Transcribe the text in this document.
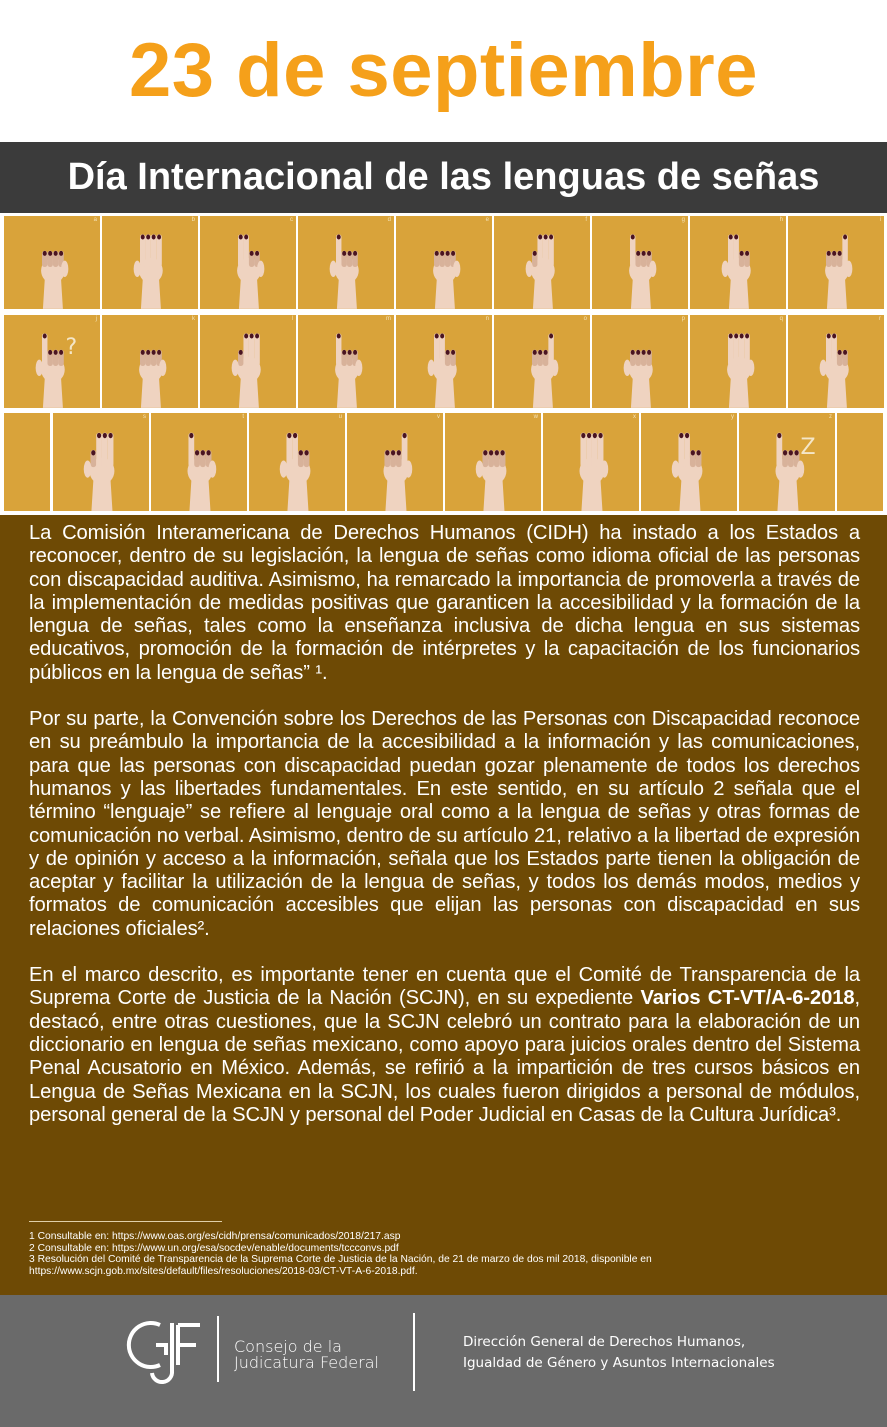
23 de septiembre
Día Internacional de las lenguas de señas
a	b	c	d	e	f	g	h	i
j
?
k	l	m	n	o	p	q	r
s	t	u	v	w	x	y	z
Z

La Comisión Interamericana de Derechos Humanos (CIDH) ha instado a los Estados a reconocer, dentro de su legislación, la lengua de señas como idioma oficial de las personas con discapacidad auditiva. Asimismo, ha remarcado la importancia de promoverla a través de la implementación de medidas positivas que garanticen la accesibilidad y la formación de la lengua de señas, tales como la enseñanza inclusiva de dicha lengua en sus sistemas educativos, promoción de la formación de intérpretes y la capacitación de los funcionarios públicos en la lengua de señas” ¹.

Por su parte, la Convención sobre los Derechos de las Personas con Discapacidad reconoce en su preámbulo la importancia de la accesibilidad a la información y las comunicaciones, para que las personas con discapacidad puedan gozar plenamente de todos los derechos humanos y las libertades fundamentales. En este sentido, en su artículo 2 señala que el término “lenguaje” se refiere al lenguaje oral como a la lengua de señas y otras formas de comunicación no verbal. Asimismo, dentro de su artículo 21, relativo a la libertad de expresión y de opinión y acceso a la información, señala que los Estados parte tienen la obligación de aceptar y facilitar la utilización de la lengua de señas, y todos los demás modos, medios y formatos de comunicación accesibles que elijan las personas con discapacidad en sus relaciones oficiales².

En el marco descrito, es importante tener en cuenta que el Comité de Transparencia de la Suprema Corte de Justicia de la Nación (SCJN), en su expediente Varios CT-VT/A-6-2018, destacó, entre otras cuestiones, que la SCJN celebró un contrato para la elaboración de un diccionario en lengua de señas mexicano, como apoyo para juicios orales dentro del Sistema Penal Acusatorio en México. Además, se refirió a la impartición de tres cursos básicos en Lengua de Señas Mexicana en la SCJN, los cuales fueron dirigidos a personal de módulos, personal general de la SCJN y personal del Poder Judicial en Casas de la Cultura Jurídica³.

1 Consultable en: https://www.oas.org/es/cidh/prensa/comunicados/2018/217.asp
2 Consultable en: https://www.un.org/esa/socdev/enable/documents/tccconvs.pdf
3 Resolución del Comité de Transparencia de la Suprema Corte de Justicia de la Nación, de 21 de marzo de dos mil 2018, disponible en https://www.scjn.gob.mx/sites/default/files/resoluciones/2018-03/CT-VT-A-6-2018.pdf.
Consejo de la
Judicatura Federal
Dirección General de Derechos Humanos,
Igualdad de Género y Asuntos Internacionales
